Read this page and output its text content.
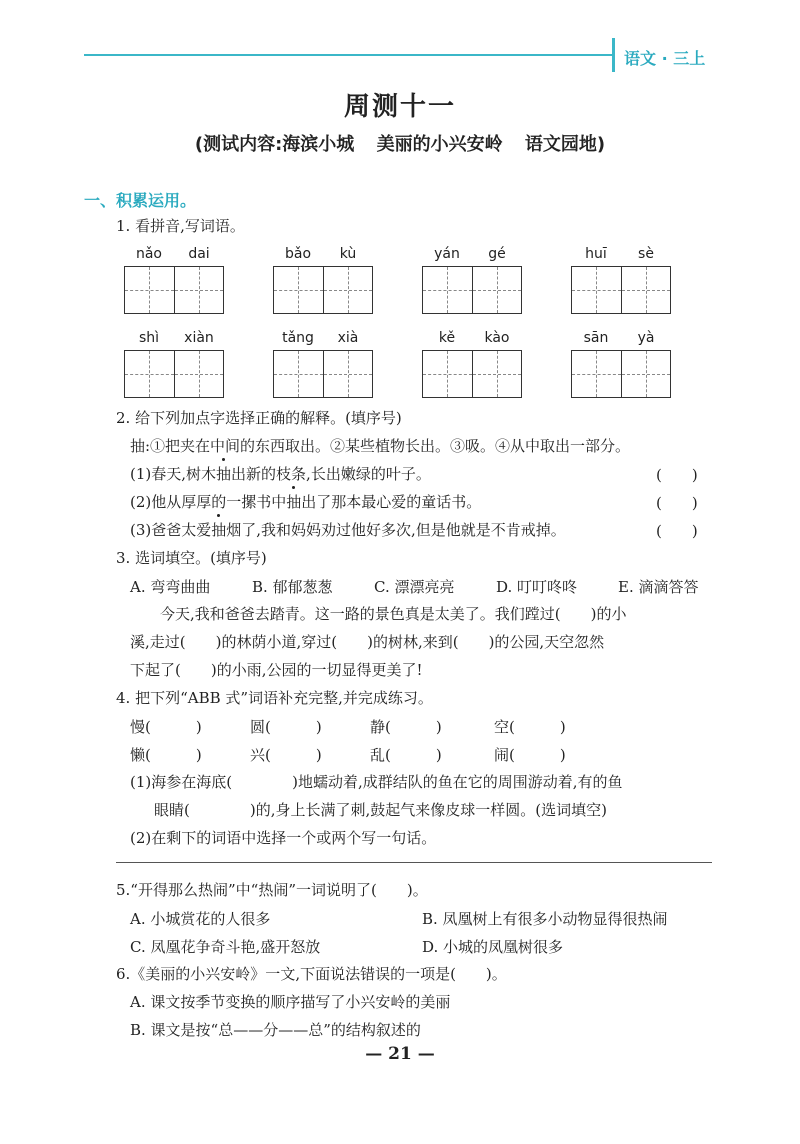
语文 · 三上
周测十一
(测试内容:海滨小城 美丽的小兴安岭 语文园地)
一、积累运用。
1. 看拼音,写词语。
nǎo	dai	bǎo	kù	yán	gé	huī	sè
shì	xiàn	tǎng	xià	kě	kào	sān	yà
2. 给下列加点字选择正确的解释。(填序号)
抽:①把夹在中间的东西取出。②某些植物长出。③吸。④从中取出一部分。
(1)春天,树木抽出新的枝条,长出嫩绿的叶子。	(　　)
(2)他从厚厚的一摞书中抽出了那本最心爱的童话书。	(　　)
(3)爸爸太爱抽烟了,我和妈妈劝过他好多次,但是他就是不肯戒掉。	(　　)
3. 选词填空。(填序号)
A. 弯弯曲曲	B. 郁郁葱葱	C. 漂漂亮亮	D. 叮叮咚咚	E. 滴滴答答
今天,我和爸爸去踏青。这一路的景色真是太美了。我们蹚过(　　)的小
溪,走过(　　)的林荫小道,穿过(　　)的树林,来到(　　)的公园,天空忽然
下起了(　　)的小雨,公园的一切显得更美了!
4. 把下列“ABB 式”词语补充完整,并完成练习。
慢(　　　)	圆(　　　)	静(　　　)	空(　　　)
懒(　　　)	兴(　　　)	乱(　　　)	闹(　　　)
(1)海参在海底(　　　　)地蠕动着,成群结队的鱼在它的周围游动着,有的鱼
眼睛(　　　　)的,身上长满了刺,鼓起气来像皮球一样圆。(选词填空)
(2)在剩下的词语中选择一个或两个写一句话。
5.“开得那么热闹”中“热闹”一词说明了(　　)。
A. 小城赏花的人很多	B. 凤凰树上有很多小动物显得很热闹
C. 凤凰花争奇斗艳,盛开怒放	D. 小城的凤凰树很多
6.《美丽的小兴安岭》一文,下面说法错误的一项是(　　)。
A. 课文按季节变换的顺序描写了小兴安岭的美丽
B. 课文是按“总——分——总”的结构叙述的
— 21 —
